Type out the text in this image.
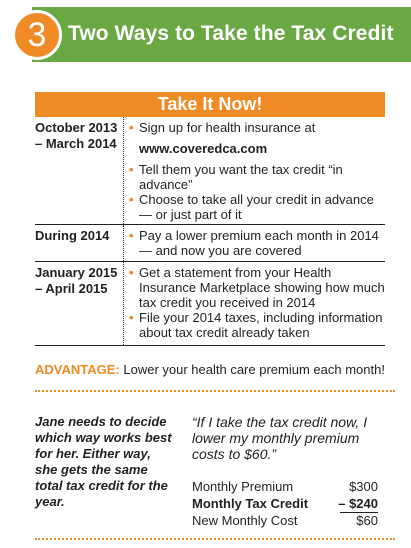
3	Two Ways to Take the Tax Credit
Take It Now!
October 2013 – March 2014
• Sign up for health insurance at
www.coveredca.com
• Tell them you want the tax credit “in advance”
• Choose to take all your credit in advance — or just part of it
During 2014
•	Pay a lower premium each month in 2014 — and now you are covered
January 2015 – April 2015
• Get a statement from your Health Insurance Marketplace showing how much tax credit you received in 2014
• File your 2014 taxes, including information about tax credit already taken
ADVANTAGE: Lower your health care premium each month!
Jane needs to decide which way works best for her. Either way, she gets the same total tax credit for the year.
“If I take the tax credit now, I lower my monthly premium costs to $60.”
Monthly Premium	$300
Monthly Tax Credit – $240
New Monthly Cost	$60
